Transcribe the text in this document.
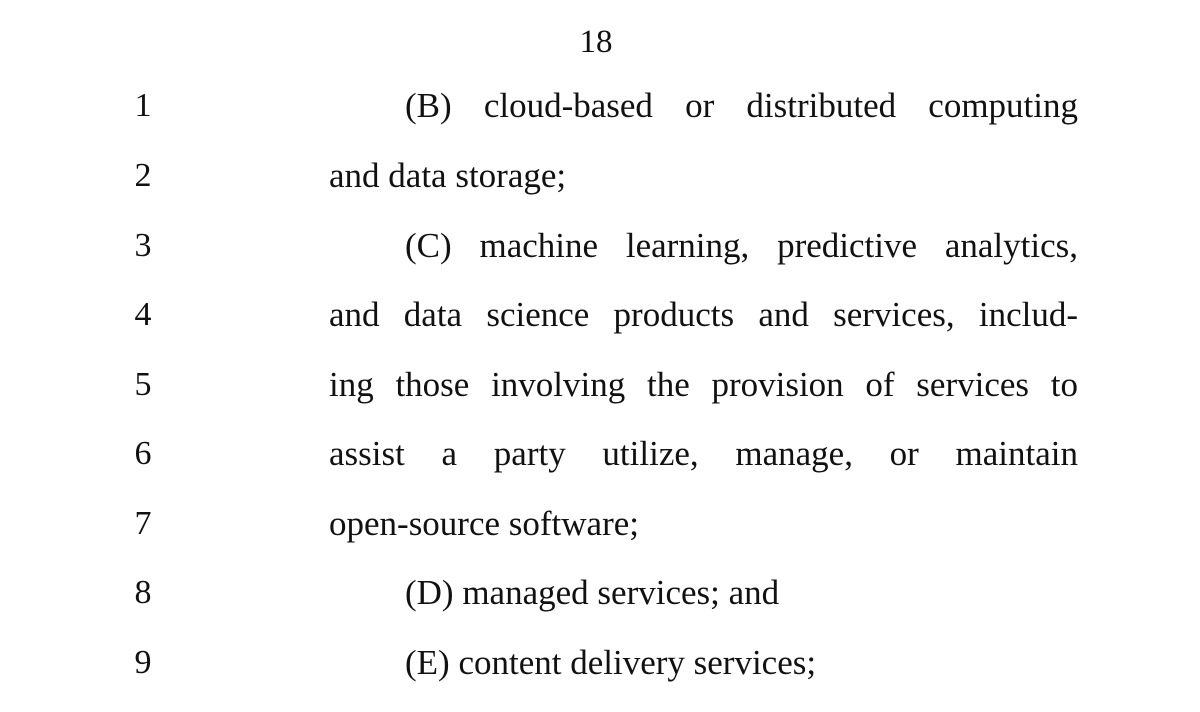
18
1	(B) cloud-based or distributed computing
2	and data storage;
3	(C) machine learning, predictive analytics,
4	and data science products and services, includ-
5	ing those involving the provision of services to
6	assist a party utilize, manage, or maintain
7	open-source software;
8	(D) managed services; and
9	(E) content delivery services;
